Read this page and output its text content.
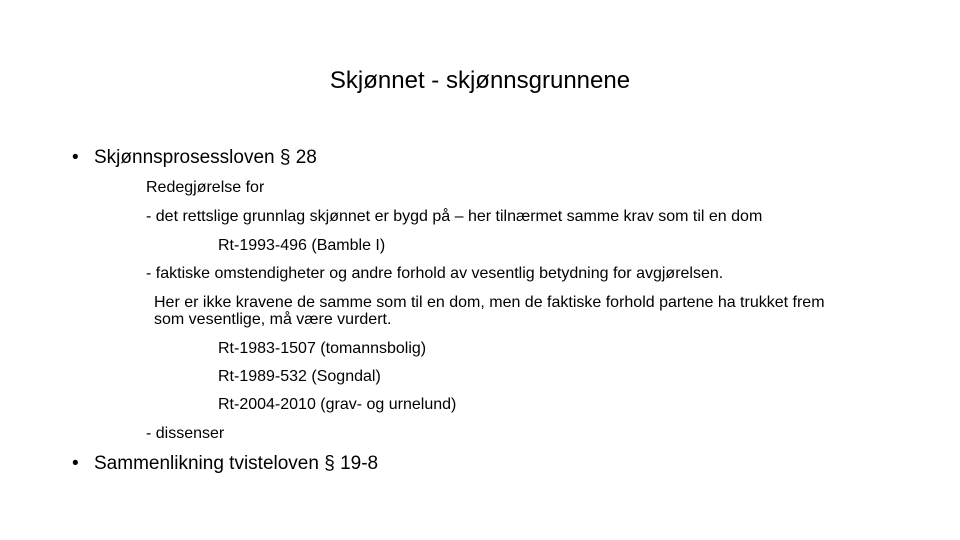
Skjønnet - skjønnsgrunnene
• Skjønnsprosessloven § 28
Redegjørelse for
- det rettslige grunnlag skjønnet er bygd på – her tilnærmet samme krav som til en dom
Rt-1993-496 (Bamble I)
- faktiske omstendigheter og andre forhold av vesentlig betydning for avgjørelsen.
Her er ikke kravene de samme som til en dom, men de faktiske forhold partene ha trukket frem som vesentlige, må være vurdert.
Rt-1983-1507 (tomannsbolig)
Rt-1989-532 (Sogndal)
Rt-2004-2010 (grav- og urnelund)
- dissenser
• Sammenlikning tvisteloven § 19-8
